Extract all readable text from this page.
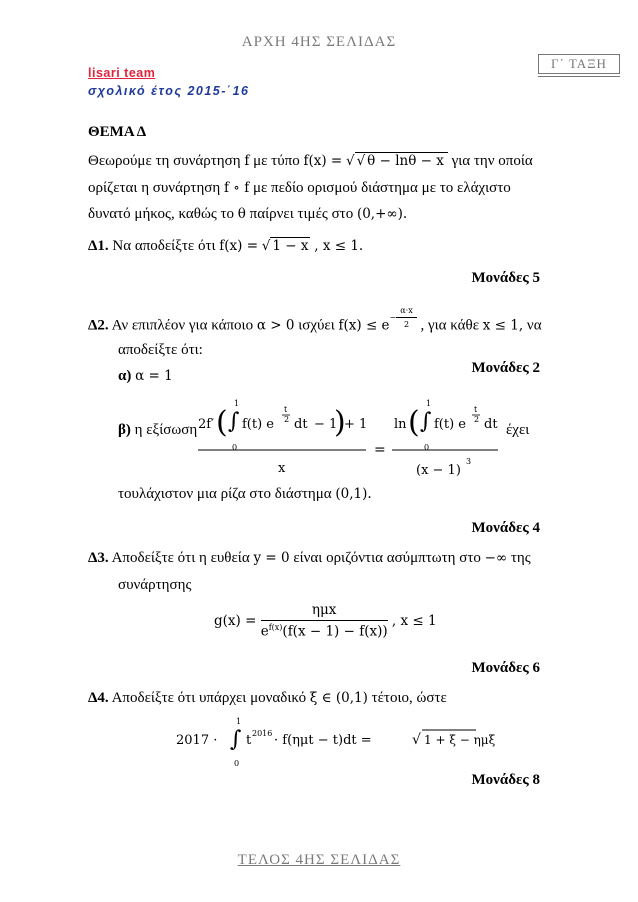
ΑΡΧΗ 4ΗΣ ΣΕΛΙΔΑΣ
Γ΄ ΤΑΞΗ
lisari team
σχολικό έτος 2015-΄16
ΘΕΜΑ Δ
Θεωρούμε τη συνάρτηση f με τύπο f(x) = √ √ θ − lnθ − x για την οποία
ορίζεται η συνάρτηση f ∘ f με πεδίο ορισμού διάστημα με το ελάχιστο
δυνατό μήκος, καθώς το θ παίρνει τιμές στο (0,+∞).
Δ1. Να αποδείξτε ότι f(x) = √ 1 − x , x ≤ 1.
Μονάδες 5
Δ2. Αν επιπλέον για κάποιο α > 0 ισχύει $f(x) \le e^{- \frac{\alpha\cdot x}{2}}$ , για κάθε x ≤ 1, να
αποδείξτε ότι:
α) α = 1	Μονάδες 2
β) η εξίσωση 2f′ ( ∫
1
0
f(t) e
t
2 dt − 1
)
+ 1
x
=
ln ( ∫
1
0
f(t) e
t
2 dt
(x − 1)
3
έχει
τουλάχιστον μια ρίζα στο διάστημα (0,1).
Μονάδες 4
Δ3. Αποδείξτε ότι η ευθεία y = 0 είναι οριζόντια ασύμπτωτη στο −∞ της
συνάρτησης
$g(x) = \frac{\text{ημx}}{e^{f(x)}(f(x - 1) - f(x))}$ , x ≤ 1
Μονάδες 6
Δ4. Αποδείξτε ότι υπάρχει μοναδικό ξ ∈ (0,1) τέτοιο, ώστε
2017 · ∫
1
0
t 2016 · f(ημt − t)dt =	√ 1 + ξ − ημξ
Μονάδες 8
ΤΕΛΟΣ 4ΗΣ ΣΕΛΙΔΑΣ
